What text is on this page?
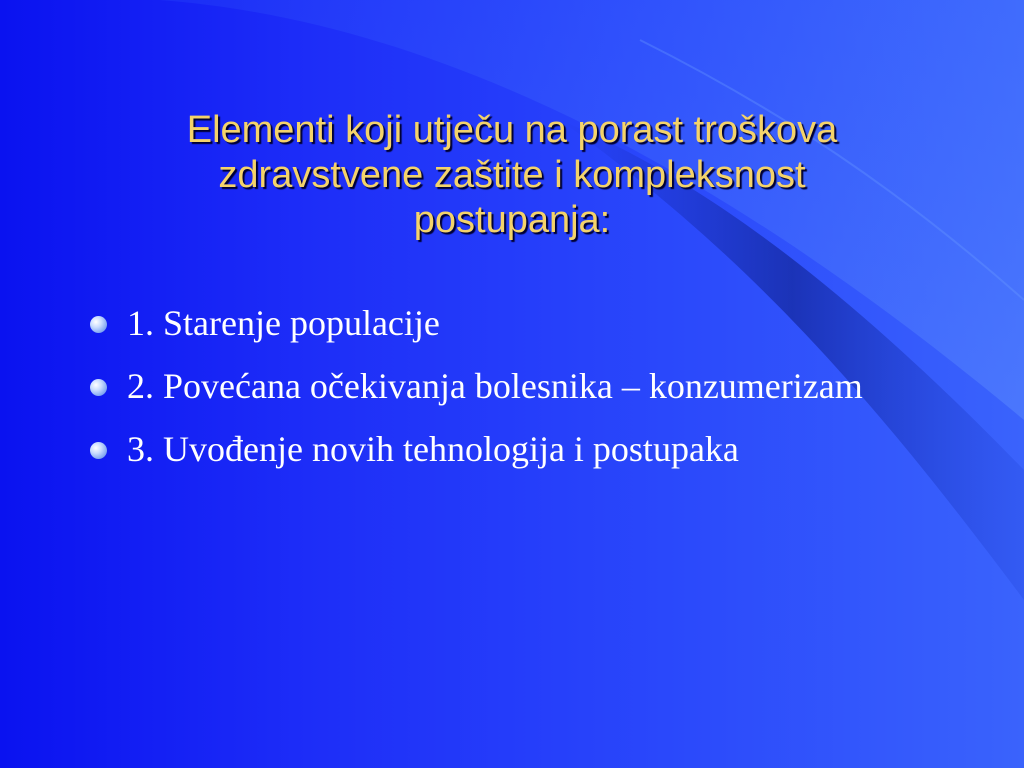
Elementi koji utječu na porast troškova
zdravstvene zaštite i kompleksnost
postupanja:
1. Starenje populacije
2. Povećana očekivanja bolesnika – konzumerizam
3. Uvođenje novih tehnologija i postupaka
